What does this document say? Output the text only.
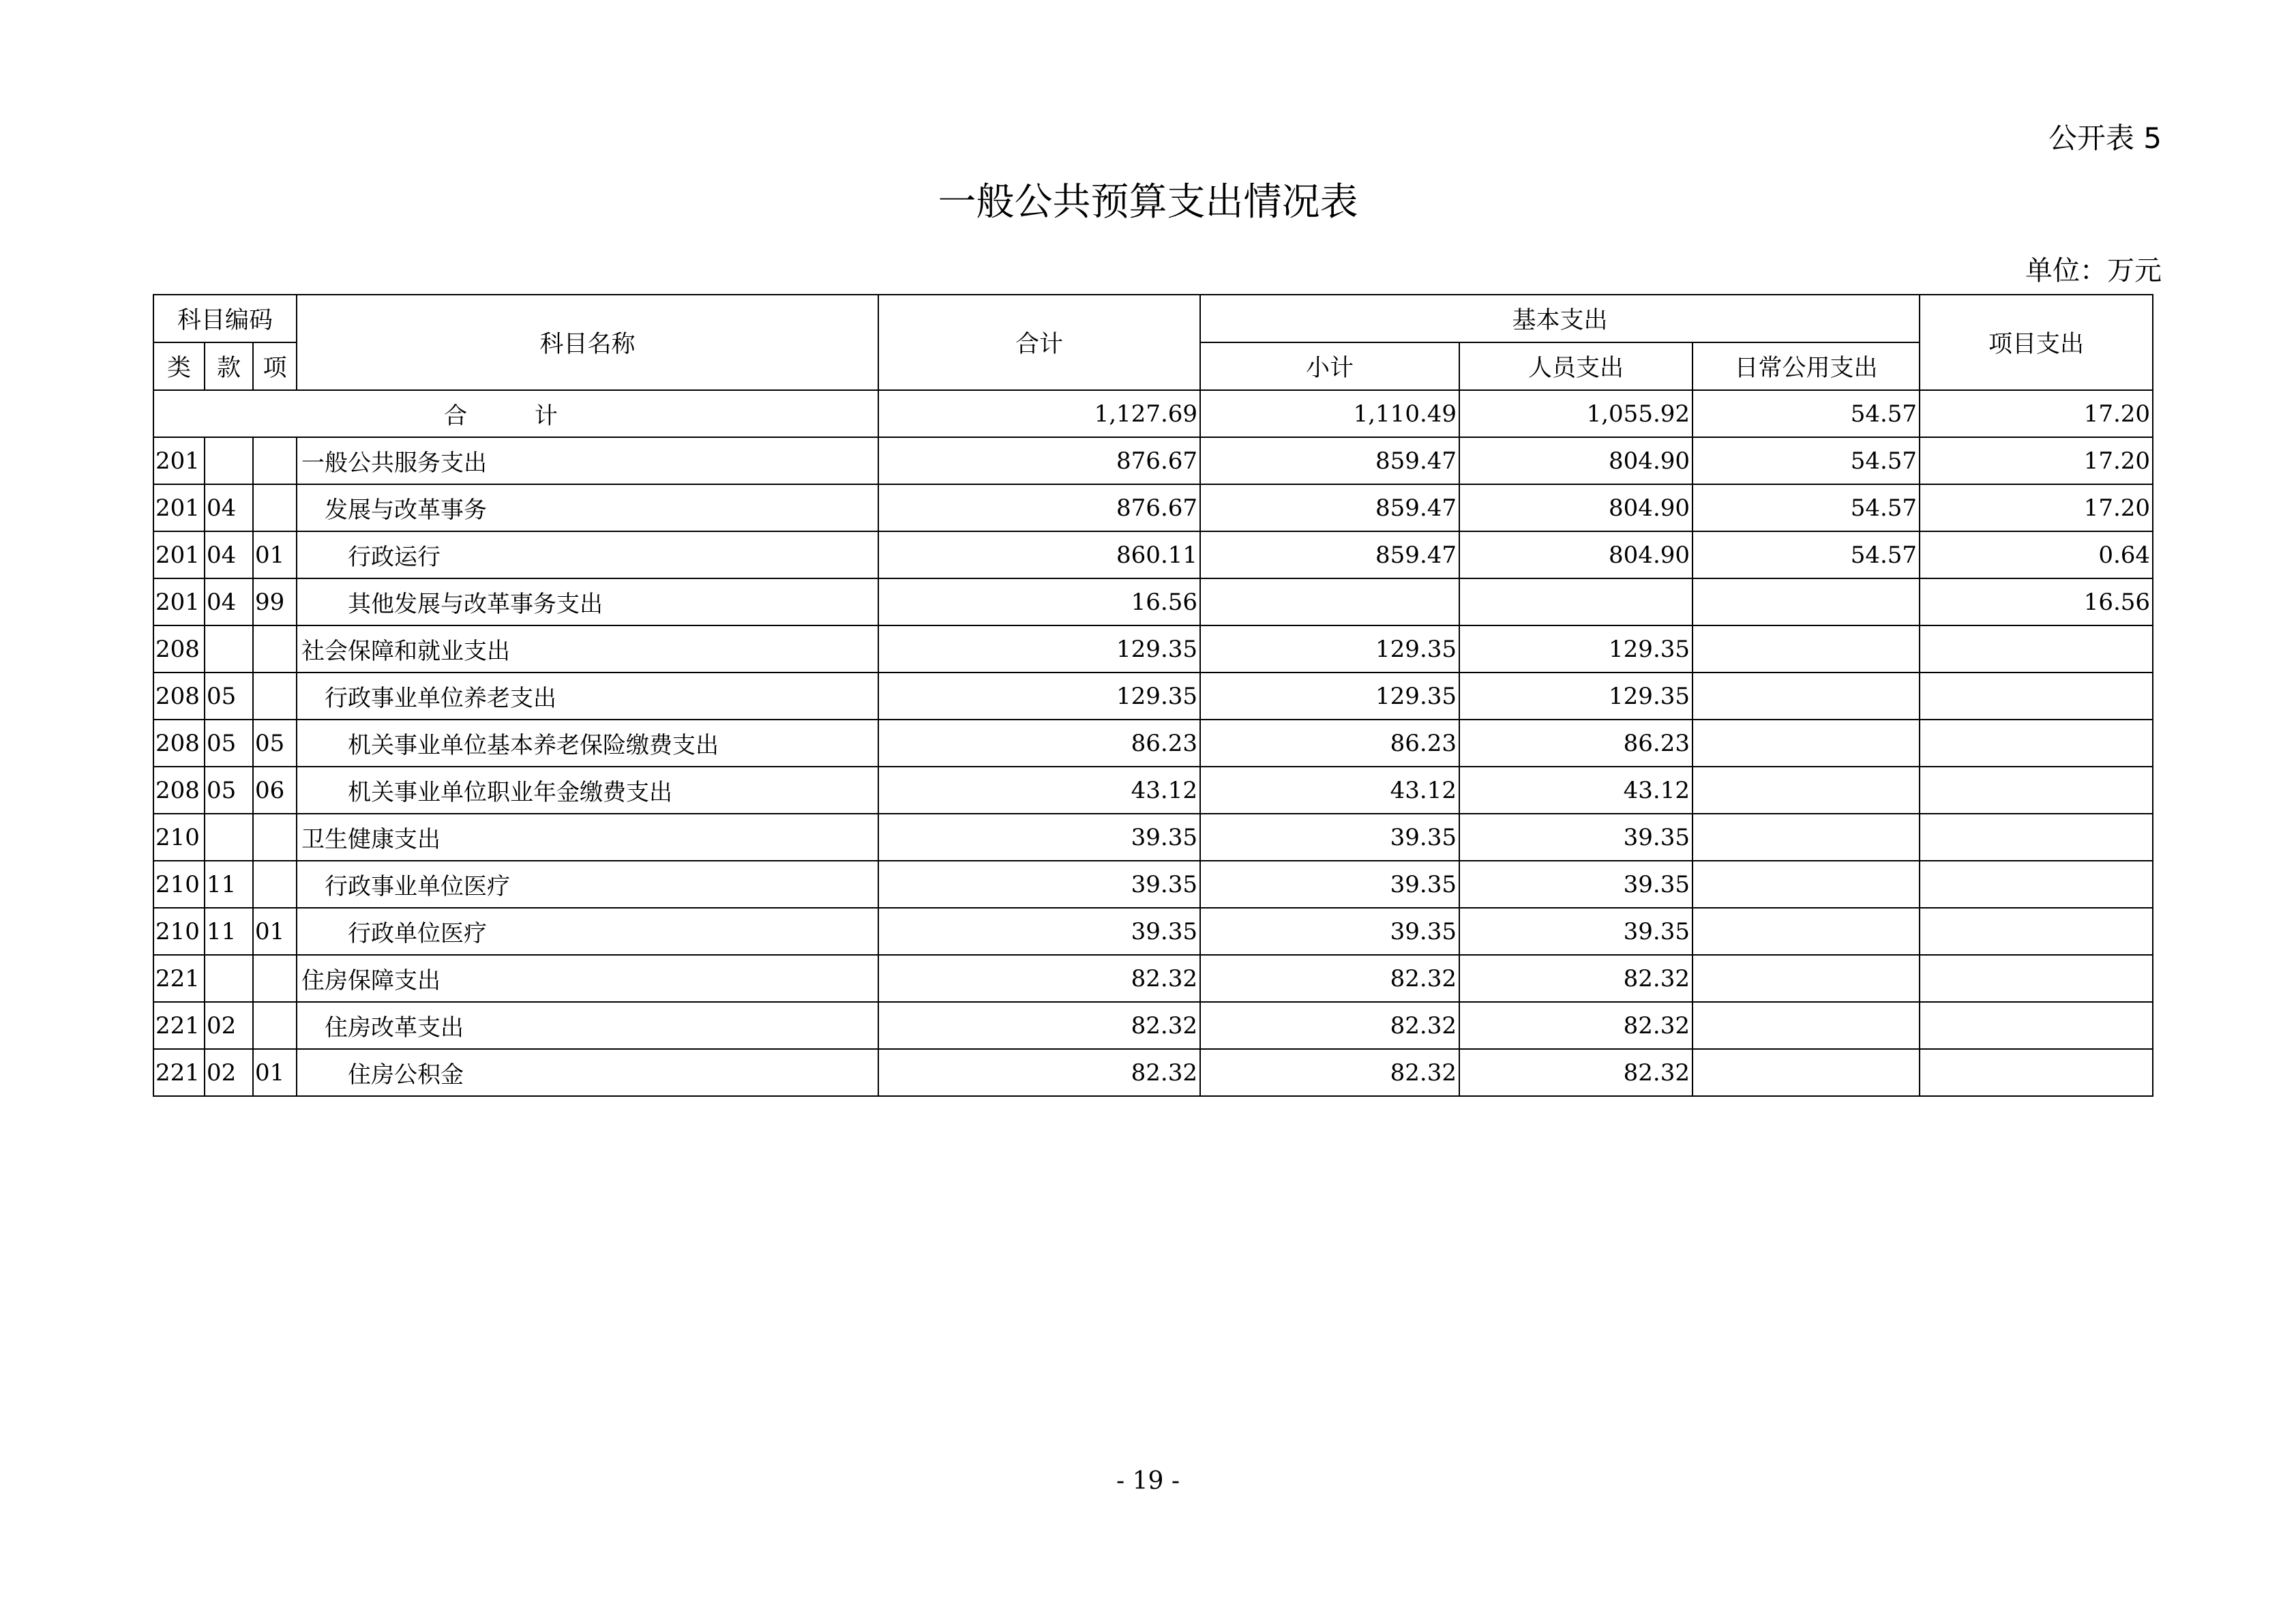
公开表 5
一般公共预算支出情况表
单位：万元
科目编码			科目名称	合计	基本支出			项目支出
类	款	项			小计	人员支出	日常公用支出	
合 计				1,127.69	1,110.49	1,055.92	54.57	17.20
201			一般公共服务支出	876.67	859.47	804.90	54.57	17.20
201	04		发展与改革事务	876.67	859.47	804.90	54.57	17.20
201	04	01	行政运行	860.11	859.47	804.90	54.57	0.64
201	04	99	其他发展与改革事务支出	16.56				16.56
208			社会保障和就业支出	129.35	129.35	129.35		
208	05		行政事业单位养老支出	129.35	129.35	129.35		
208	05	05	机关事业单位基本养老保险缴费支出	86.23	86.23	86.23		
208	05	06	机关事业单位职业年金缴费支出	43.12	43.12	43.12		
210			卫生健康支出	39.35	39.35	39.35		
210	11		行政事业单位医疗	39.35	39.35	39.35		
210	11	01	行政单位医疗	39.35	39.35	39.35		
221			住房保障支出	82.32	82.32	82.32		
221	02		住房改革支出	82.32	82.32	82.32		
221	02	01	住房公积金	82.32	82.32	82.32		
- 19 -
